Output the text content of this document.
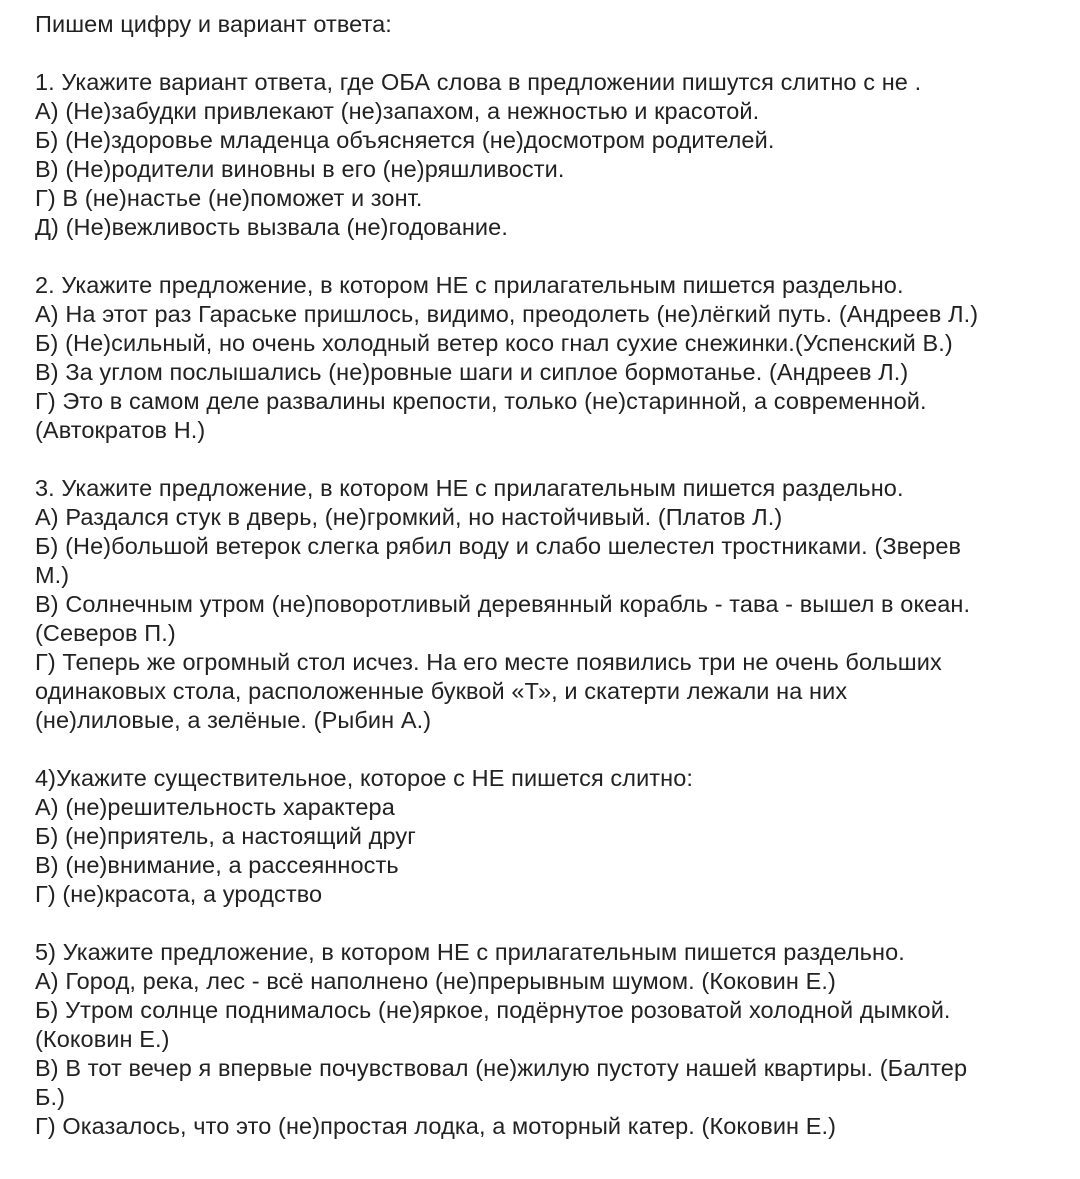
Пишем цифру и вариант ответа:
1. Укажите вариант ответа, где ОБА слова в предложении пишутся слитно с не .
А) (Не)забудки привлекают (не)запахом, а нежностью и красотой.
Б) (Не)здоровье младенца объясняется (не)досмотром родителей.
В) (Не)родители виновны в его (не)ряшливости.
Г) В (не)настье (не)поможет и зонт.
Д) (Не)вежливость вызвала (не)годование.
2. Укажите предложение, в котором НЕ с прилагательным пишется раздельно.
А) На этот раз Гараське пришлось, видимо, преодолеть (не)лёгкий путь. (Андреев Л.)
Б) (Не)сильный, но очень холодный ветер косо гнал сухие снежинки.(Успенский В.)
В) За углом послышались (не)ровные шаги и сиплое бормотанье. (Андреев Л.)
Г) Это в самом деле развалины крепости, только (не)старинной, а современной.
(Автократов Н.)
3. Укажите предложение, в котором НЕ с прилагательным пишется раздельно.
А) Раздался стук в дверь, (не)громкий, но настойчивый. (Платов Л.)
Б) (Не)большой ветерок слегка рябил воду и слабо шелестел тростниками. (Зверев
М.)
В) Солнечным утром (не)поворотливый деревянный корабль - тава - вышел в океан.
(Северов П.)
Г) Теперь же огромный стол исчез. На его месте появились три не очень больших
одинаковых стола, расположенные буквой «Т», и скатерти лежали на них
(не)лиловые, а зелёные. (Рыбин А.)
4)Укажите существительное, которое с НЕ пишется слитно:
А) (не)решительность характера
Б) (не)приятель, а настоящий друг
В) (не)внимание, а рассеянность
Г) (не)красота, а уродство
5) Укажите предложение, в котором НЕ с прилагательным пишется раздельно.
А) Город, река, лес - всё наполнено (не)прерывным шумом. (Коковин Е.)
Б) Утром солнце поднималось (не)яркое, подёрнутое розоватой холодной дымкой.
(Коковин Е.)
В) В тот вечер я впервые почувствовал (не)жилую пустоту нашей квартиры. (Балтер
Б.)
Г) Оказалось, что это (не)простая лодка, а моторный катер. (Коковин Е.)
